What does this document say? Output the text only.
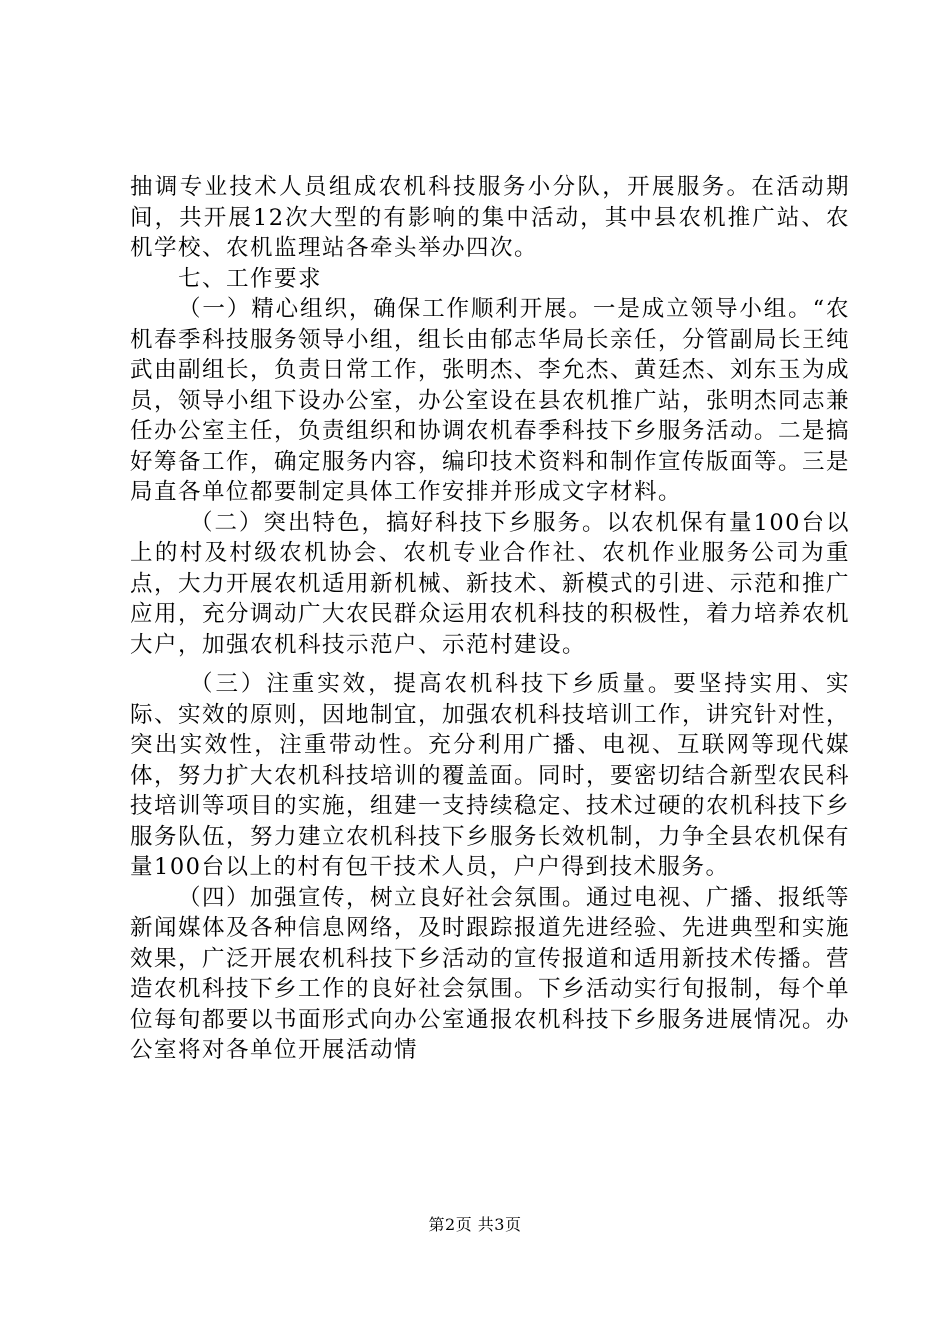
抽调专业技术人员组成农机科技服务小分队，开展服务。在活动期间，共开展12次大型的有影响的集中活动，其中县农机推广站、农机学校、农机监理站各牵头举办四次。

七、工作要求

（一）精心组织，确保工作顺利开展。一是成立领导小组。“农机春季科技服务领导小组，组长由郁志华局长亲任，分管副局长王纯武由副组长，负责日常工作，张明杰、李允杰、黄廷杰、刘东玉为成员，领导小组下设办公室，办公室设在县农机推广站，张明杰同志兼任办公室主任，负责组织和协调农机春季科技下乡服务活动。二是搞好筹备工作，确定服务内容，编印技术资料和制作宣传版面等。三是局直各单位都要制定具体工作安排并形成文字材料。

（二）突出特色，搞好科技下乡服务。以农机保有量100台以上的村及村级农机协会、农机专业合作社、农机作业服务公司为重点，大力开展农机适用新机械、新技术、新模式的引进、示范和推广应用，充分调动广大农民群众运用农机科技的积极性，着力培养农机大户，加强农机科技示范户、示范村建设。

（三）注重实效，提高农机科技下乡质量。要坚持实用、实际、实效的原则，因地制宜，加强农机科技培训工作，讲究针对性，突出实效性，注重带动性。充分利用广播、电视、互联网等现代媒体，努力扩大农机科技培训的覆盖面。同时，要密切结合新型农民科技培训等项目的实施，组建一支持续稳定、技术过硬的农机科技下乡服务队伍，努力建立农机科技下乡服务长效机制，力争全县农机保有量100台以上的村有包干技术人员，户户得到技术服务。

（四）加强宣传，树立良好社会氛围。通过电视、广播、报纸等新闻媒体及各种信息网络，及时跟踪报道先进经验、先进典型和实施效果，广泛开展农机科技下乡活动的宣传报道和适用新技术传播。营造农机科技下乡工作的良好社会氛围。下乡活动实行旬报制，每个单位每旬都要以书面形式向办公室通报农机科技下乡服务进展情况。办公室将对各单位开展活动情

第2页 共3页
